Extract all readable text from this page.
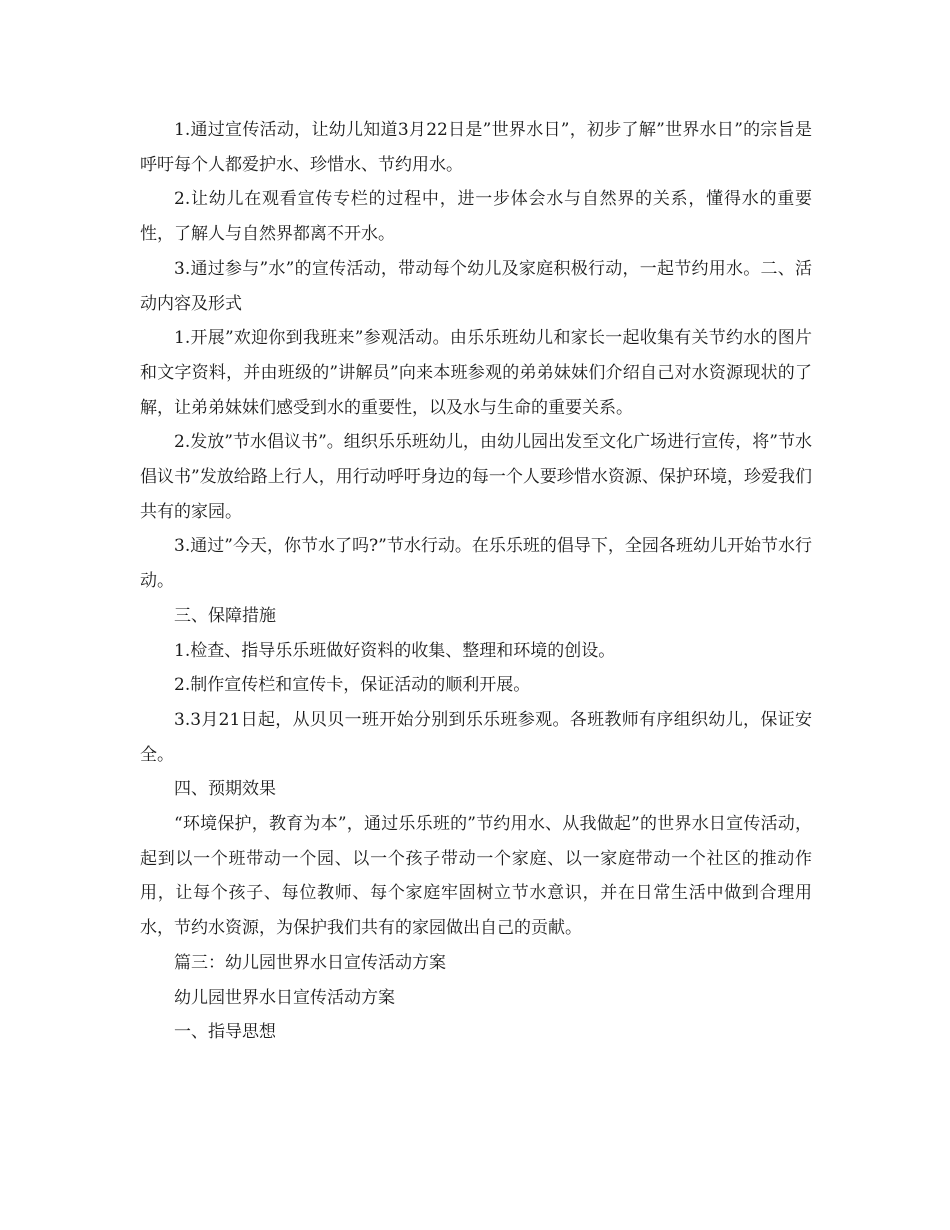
1.通过宣传活动，让幼儿知道3月22日是”世界水日”，初步了解”世界水日”的宗旨是呼吁每个人都爱护水、珍惜水、节约用水。

2.让幼儿在观看宣传专栏的过程中，进一步体会水与自然界的关系，懂得水的重要性，了解人与自然界都离不开水。

3.通过参与”水”的宣传活动，带动每个幼儿及家庭积极行动，一起节约用水。二、活动内容及形式

1.开展”欢迎你到我班来”参观活动。由乐乐班幼儿和家长一起收集有关节约水的图片和文字资料，并由班级的”讲解员”向来本班参观的弟弟妹妹们介绍自己对水资源现状的了解，让弟弟妹妹们感受到水的重要性，以及水与生命的重要关系。

2.发放”节水倡议书”。组织乐乐班幼儿，由幼儿园出发至文化广场进行宣传，将”节水倡议书”发放给路上行人，用行动呼吁身边的每一个人要珍惜水资源、保护环境，珍爱我们共有的家园。

3.通过”今天，你节水了吗?”节水行动。在乐乐班的倡导下，全园各班幼儿开始节水行动。

三、保障措施

1.检查、指导乐乐班做好资料的收集、整理和环境的创设。

2.制作宣传栏和宣传卡，保证活动的顺利开展。

3.3月21日起，从贝贝一班开始分别到乐乐班参观。各班教师有序组织幼儿，保证安全。

四、预期效果

“环境保护，教育为本”，通过乐乐班的”节约用水、从我做起”的世界水日宣传活动，起到以一个班带动一个园、以一个孩子带动一个家庭、以一家庭带动一个社区的推动作用，让每个孩子、每位教师、每个家庭牢固树立节水意识，并在日常生活中做到合理用水，节约水资源，为保护我们共有的家园做出自己的贡献。

篇三：幼儿园世界水日宣传活动方案

幼儿园世界水日宣传活动方案

一、指导思想
